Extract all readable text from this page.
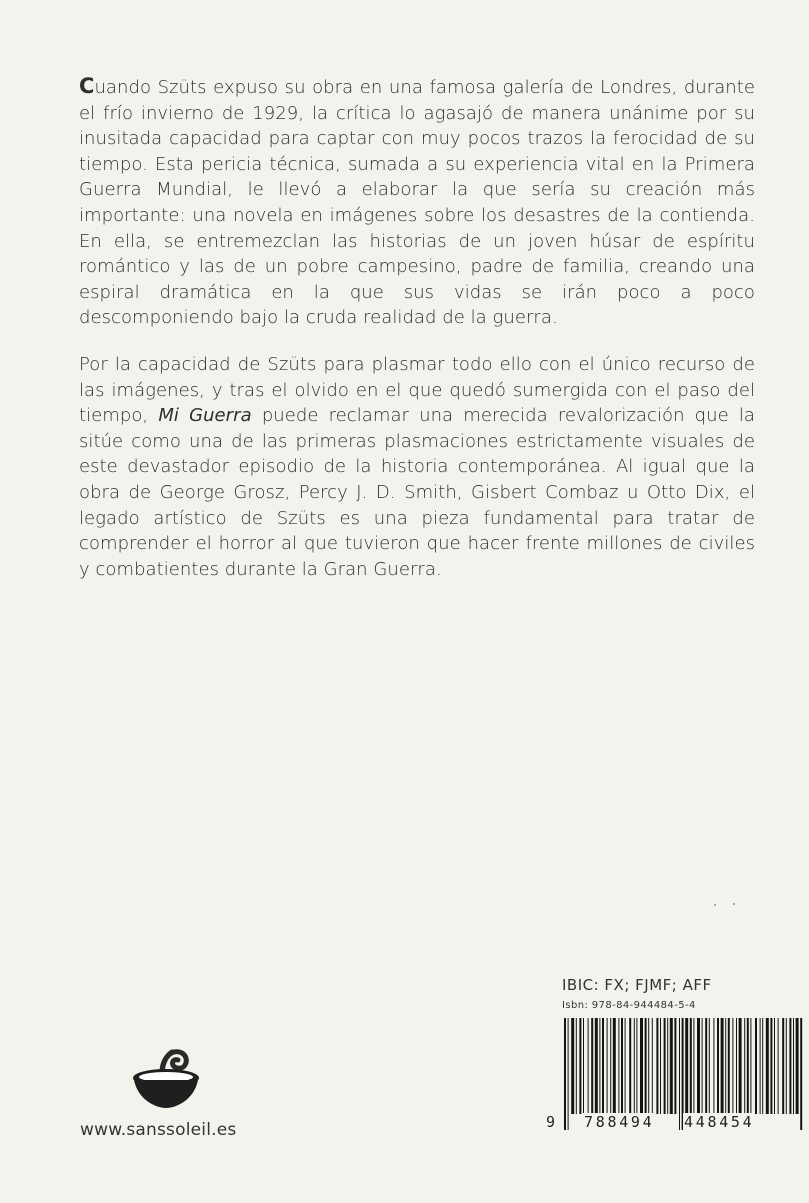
Cuando Szüts expuso su obra en una famosa galería de Londres, durante el frío invierno de 1929, la crítica lo agasajó de manera unánime por su inusitada capacidad para captar con muy pocos trazos la ferocidad de su tiempo. Esta pericia técnica, sumada a su experiencia vital en la Primera Guerra Mundial, le llevó a elaborar la que sería su creación más importante: una novela en imágenes sobre los desastres de la contienda. En ella, se entremezclan las historias de un joven húsar de espíritu romántico y las de un pobre campesino, padre de familia, creando una espiral dramática en la que sus vidas se irán poco a poco descomponiendo bajo la cruda realidad de la guerra.

Por la capacidad de Szüts para plasmar todo ello con el único recurso de las imágenes, y tras el olvido en el que quedó sumergida con el paso del tiempo, Mi Guerra puede reclamar una merecida revalorización que la sitúe como una de las primeras plasmaciones estrictamente visuales de este devastador episodio de la historia contemporánea. Al igual que la obra de George Grosz, Percy J. D. Smith, Gisbert Combaz u Otto Dix, el legado artístico de Szüts es una pieza fundamental para tratar de comprender el horror al que tuvieron que hacer frente millones de civiles y combatientes durante la Gran Guerra.

www.sanssoleil.es
IBIC: FX; FJMF; AFF
Isbn: 978-84-944484-5-4
9 788494 448454
